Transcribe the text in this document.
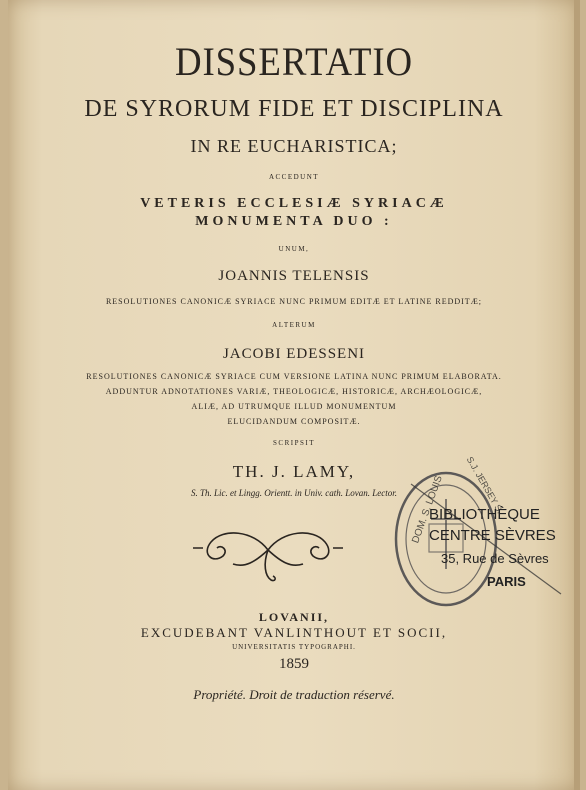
DISSERTATIO
DE SYRORUM FIDE ET DISCIPLINA
IN RE EUCHARISTICA;
ACCEDUNT
VETERIS ECCLESIÆ SYRIACÆ
MONUMENTA DUO :
UNUM,
JOANNIS TELENSIS
RESOLUTIONES CANONICÆ SYRIACE NUNC PRIMUM EDITÆ ET LATINE REDDITÆ;
ALTERUM
JACOBI EDESSENI
RESOLUTIONES CANONICÆ SYRIACE CUM VERSIONE LATINA NUNC PRIMUM ELABORATA.
ADDUNTUR ADNOTATIONES VARIÆ, THEOLOGICÆ, HISTORICÆ, ARCHÆOLOGICÆ,
ALIÆ, AD UTRUMQUE ILLUD MONUMENTUM
ELUCIDANDUM COMPOSITÆ.
SCRIPSIT
TH. J. LAMY,
S. Th. Lic. et Lingg. Orientt. in Univ. cath. Lovan. Lector.
LOVANII,
EXCUDEBANT VANLINTHOUT ET SOCII,
UNIVERSITATIS TYPOGRAPHI.
1859
Propriété. Droit de traduction réservé.
DOM. S. LOUIS S.J. JERSEY S.
BIBLIOTHÈQUE
CENTRE SÈVRES
35, Rue de Sèvres
PARIS
